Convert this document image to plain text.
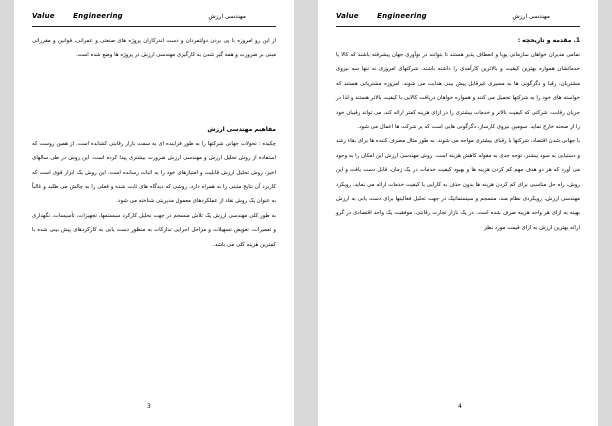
Value       Engineering	مهندسی ارزش

از این رو امروزه با پی بردن دولتمردان و دست اندرکاران پروژه های صنعتی و عمرانی، قوانین و مقرراتی مبنی بر ضرورت و همه گیر شدن به کارگیری مهندسی ارزش در پروژه ها وضع شده است.

مفاهیم مهندسی ارزش

چکیده : تحولات جهانی شرکتها را به طور فزاینده ای به سمت بازار رقابتی کشانده است. از همین روست که استفاده از روش تحلیل ارزش و مهندسی ارزش ضرورت بیشتری پیدا کرده است. این روش در طی سالهای اخیر، روش تحلیل ارزش قابلیت و امتیازهای خود را به اثبات رسانده است. این روش یک ابزار قوی است که کاربرد آن نتایج مثبتی را به همراه دارد. روشی که دیدگاه های ثابت شده و فعلی را به چالش می طلبد و غالباً به عنوان یک روش نقاد از عملکردهای معمول مدیریتی شناخته می شود.

به طور کلی مهندسی ارزش یک تلاش منسجم در جهت تحلیل کارکرد سیستمها، تجهیزات، تأسیسات، نگهداری و تعمیرات، تعویض تسهیلات و مراحل اجرایی تدارکات به منظور دست یابی به کارکردهای پیش بینی شده با کمترین هزینه کلی می باشد.

3
Value       Engineering	مهندسی ارزش
1. مقدمه و تاریخچه :

تمامی مدیران خواهان سازمانی پویا و انعطاف پذیر هستند تا بتوانند در نوآوری جهان پیشرفته باشند که کالا یا خدماتشان همواره بهترین کیفیت و بالاترین کارآمدی را داشته باشند. شرکتهای امروزی نه تنها سه نیروی مشتریان، رقبا و دگرگونی ها به مسیری غیرقابل پیش بینی هدایت می شوند. امروزه مشتریانی هستند که خواسته های خود را به شرکتها تحمیل می کنند و همواره خواهان دریافت کالایی با کیفیت بالاتر هستند و لذا در جریان رقابت، شرکتی که کیفیت بالاتر و خدمات بیشتری را در ازای هزینه کمتر ارائه کند، می تواند رقیبان خود را از صحنه خارج نماید. سومین نیروی کارساز، دگرگونی هایی است که بر شرکت ها اعمال می شود.

با جهانی شدن اقتصاد، شرکتها با رقبای بیشتری مواجه می شوند. به طور مثال مصرف کننده ها برای بقاء رشد و دستیابی به سود بیشتر، توجه جدی به مقوله کاهش هزینه است. روش مهندسی ارزش این امکان را به وجود می آورد که هر دو هدف مهم کم کردن هزینه ها و بهبود کیفیت خدمات در یک زمان، قابل دست یافت و این روش، راه حل مناسبی برای کم کردن هزینه ها بدون حذف به کارایی یا کیفیت خدمات ارائه می نماید. رویکرد مهندسی ارزش، رویکردی نظام مند، منسجم و سیستماتیک در جهت تحلیل فعالیتها برای دست یابی به ارزش بهینه به ازای هر واحد هزینه صرف شده است. در یک بازار تجارت رقابتی، موفقیت یک واحد اقتصادی در گرو ارائه بهترین ارزش به ازای قیمت مورد نظر

4
